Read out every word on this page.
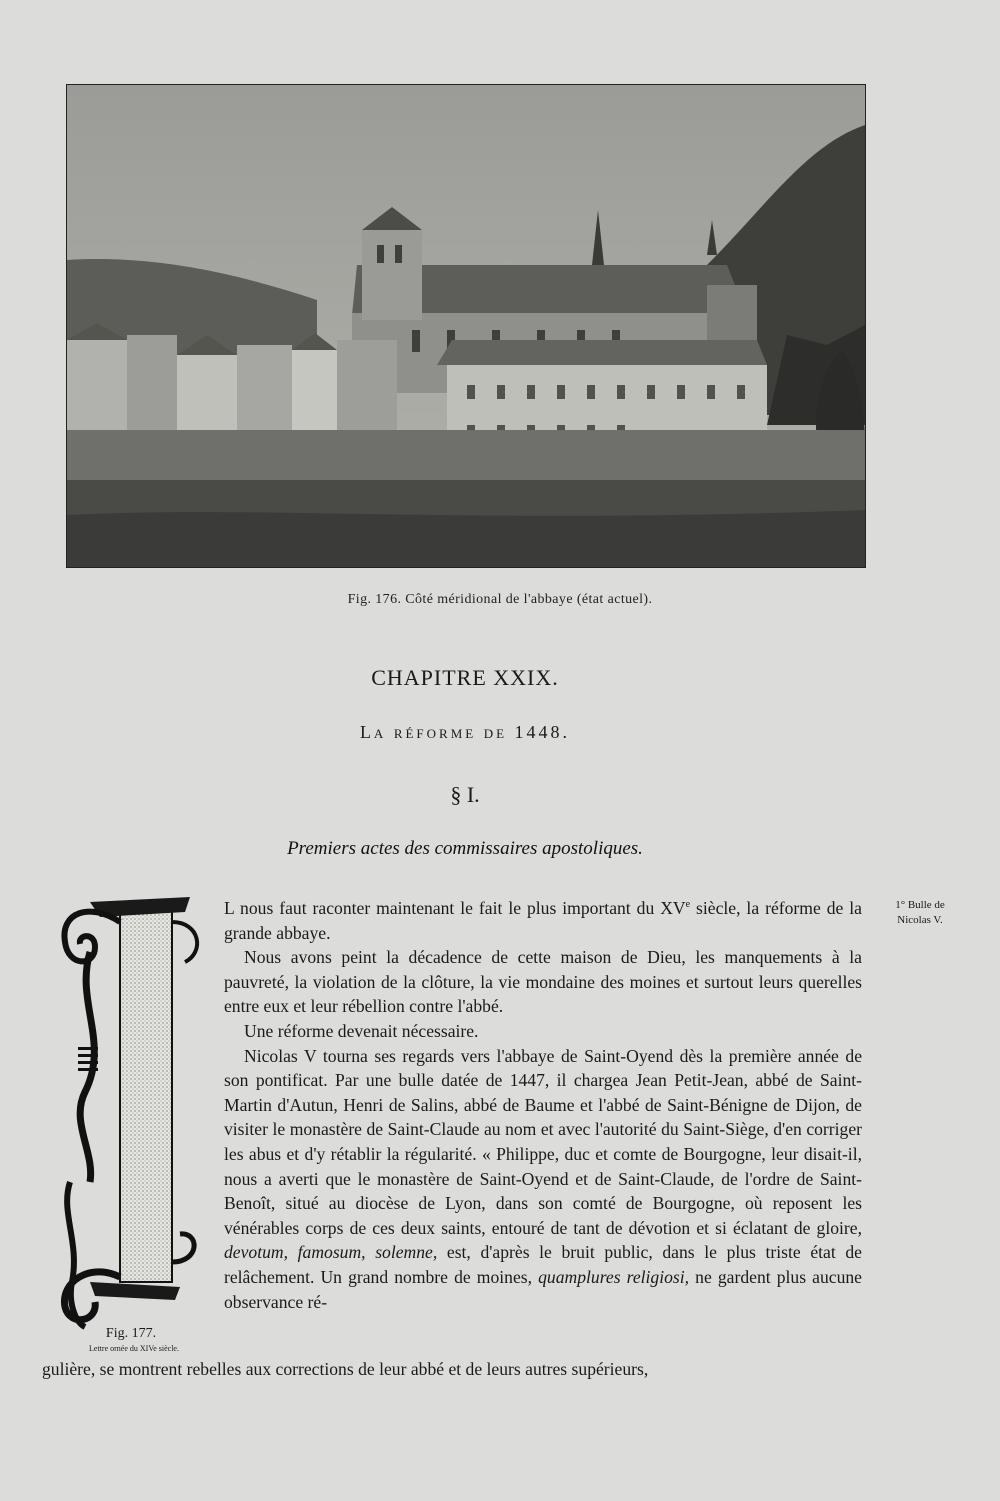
Fig. 176. Côté méridional de l'abbaye (état actuel).
CHAPITRE XXIX.
La réforme de 1448.
§ I.
Premiers actes des commissaires apostoliques.
Fig. 177.
Lettre ornée du XIVe siècle.

L nous faut raconter maintenant le fait le plus important du XVe siècle, la réforme de la grande abbaye.

Nous avons peint la décadence de cette maison de Dieu, les manquements à la pauvreté, la violation de la clôture, la vie mondaine des moines et surtout leurs querelles entre eux et leur rébellion contre l'abbé.

Une réforme devenait nécessaire.

Nicolas V tourna ses regards vers l'abbaye de Saint-Oyend dès la première année de son pontificat. Par une bulle datée de 1447, il chargea Jean Petit-Jean, abbé de Saint-Martin d'Autun, Henri de Salins, abbé de Baume et l'abbé de Saint-Bénigne de Dijon, de visiter le monastère de Saint-Claude au nom et avec l'autorité du Saint-Siège, d'en corriger les abus et d'y rétablir la régularité. « Philippe, duc et comte de Bourgogne, leur disait-il, nous a averti que le monastère de Saint-Oyend et de Saint-Claude, de l'ordre de Saint-Benoît, situé au diocèse de Lyon, dans son comté de Bourgogne, où reposent les vénérables corps de ces deux saints, entouré de tant de dévotion et si éclatant de gloire, devotum, famosum, solemne, est, d'après le bruit public, dans le plus triste état de relâchement. Un grand nombre de moines, quamplures religiosi, ne gardent plus aucune observance ré-

gulière, se montrent rebelles aux corrections de leur abbé et de leurs autres supérieurs,
1° Bulle de
Nicolas V.
